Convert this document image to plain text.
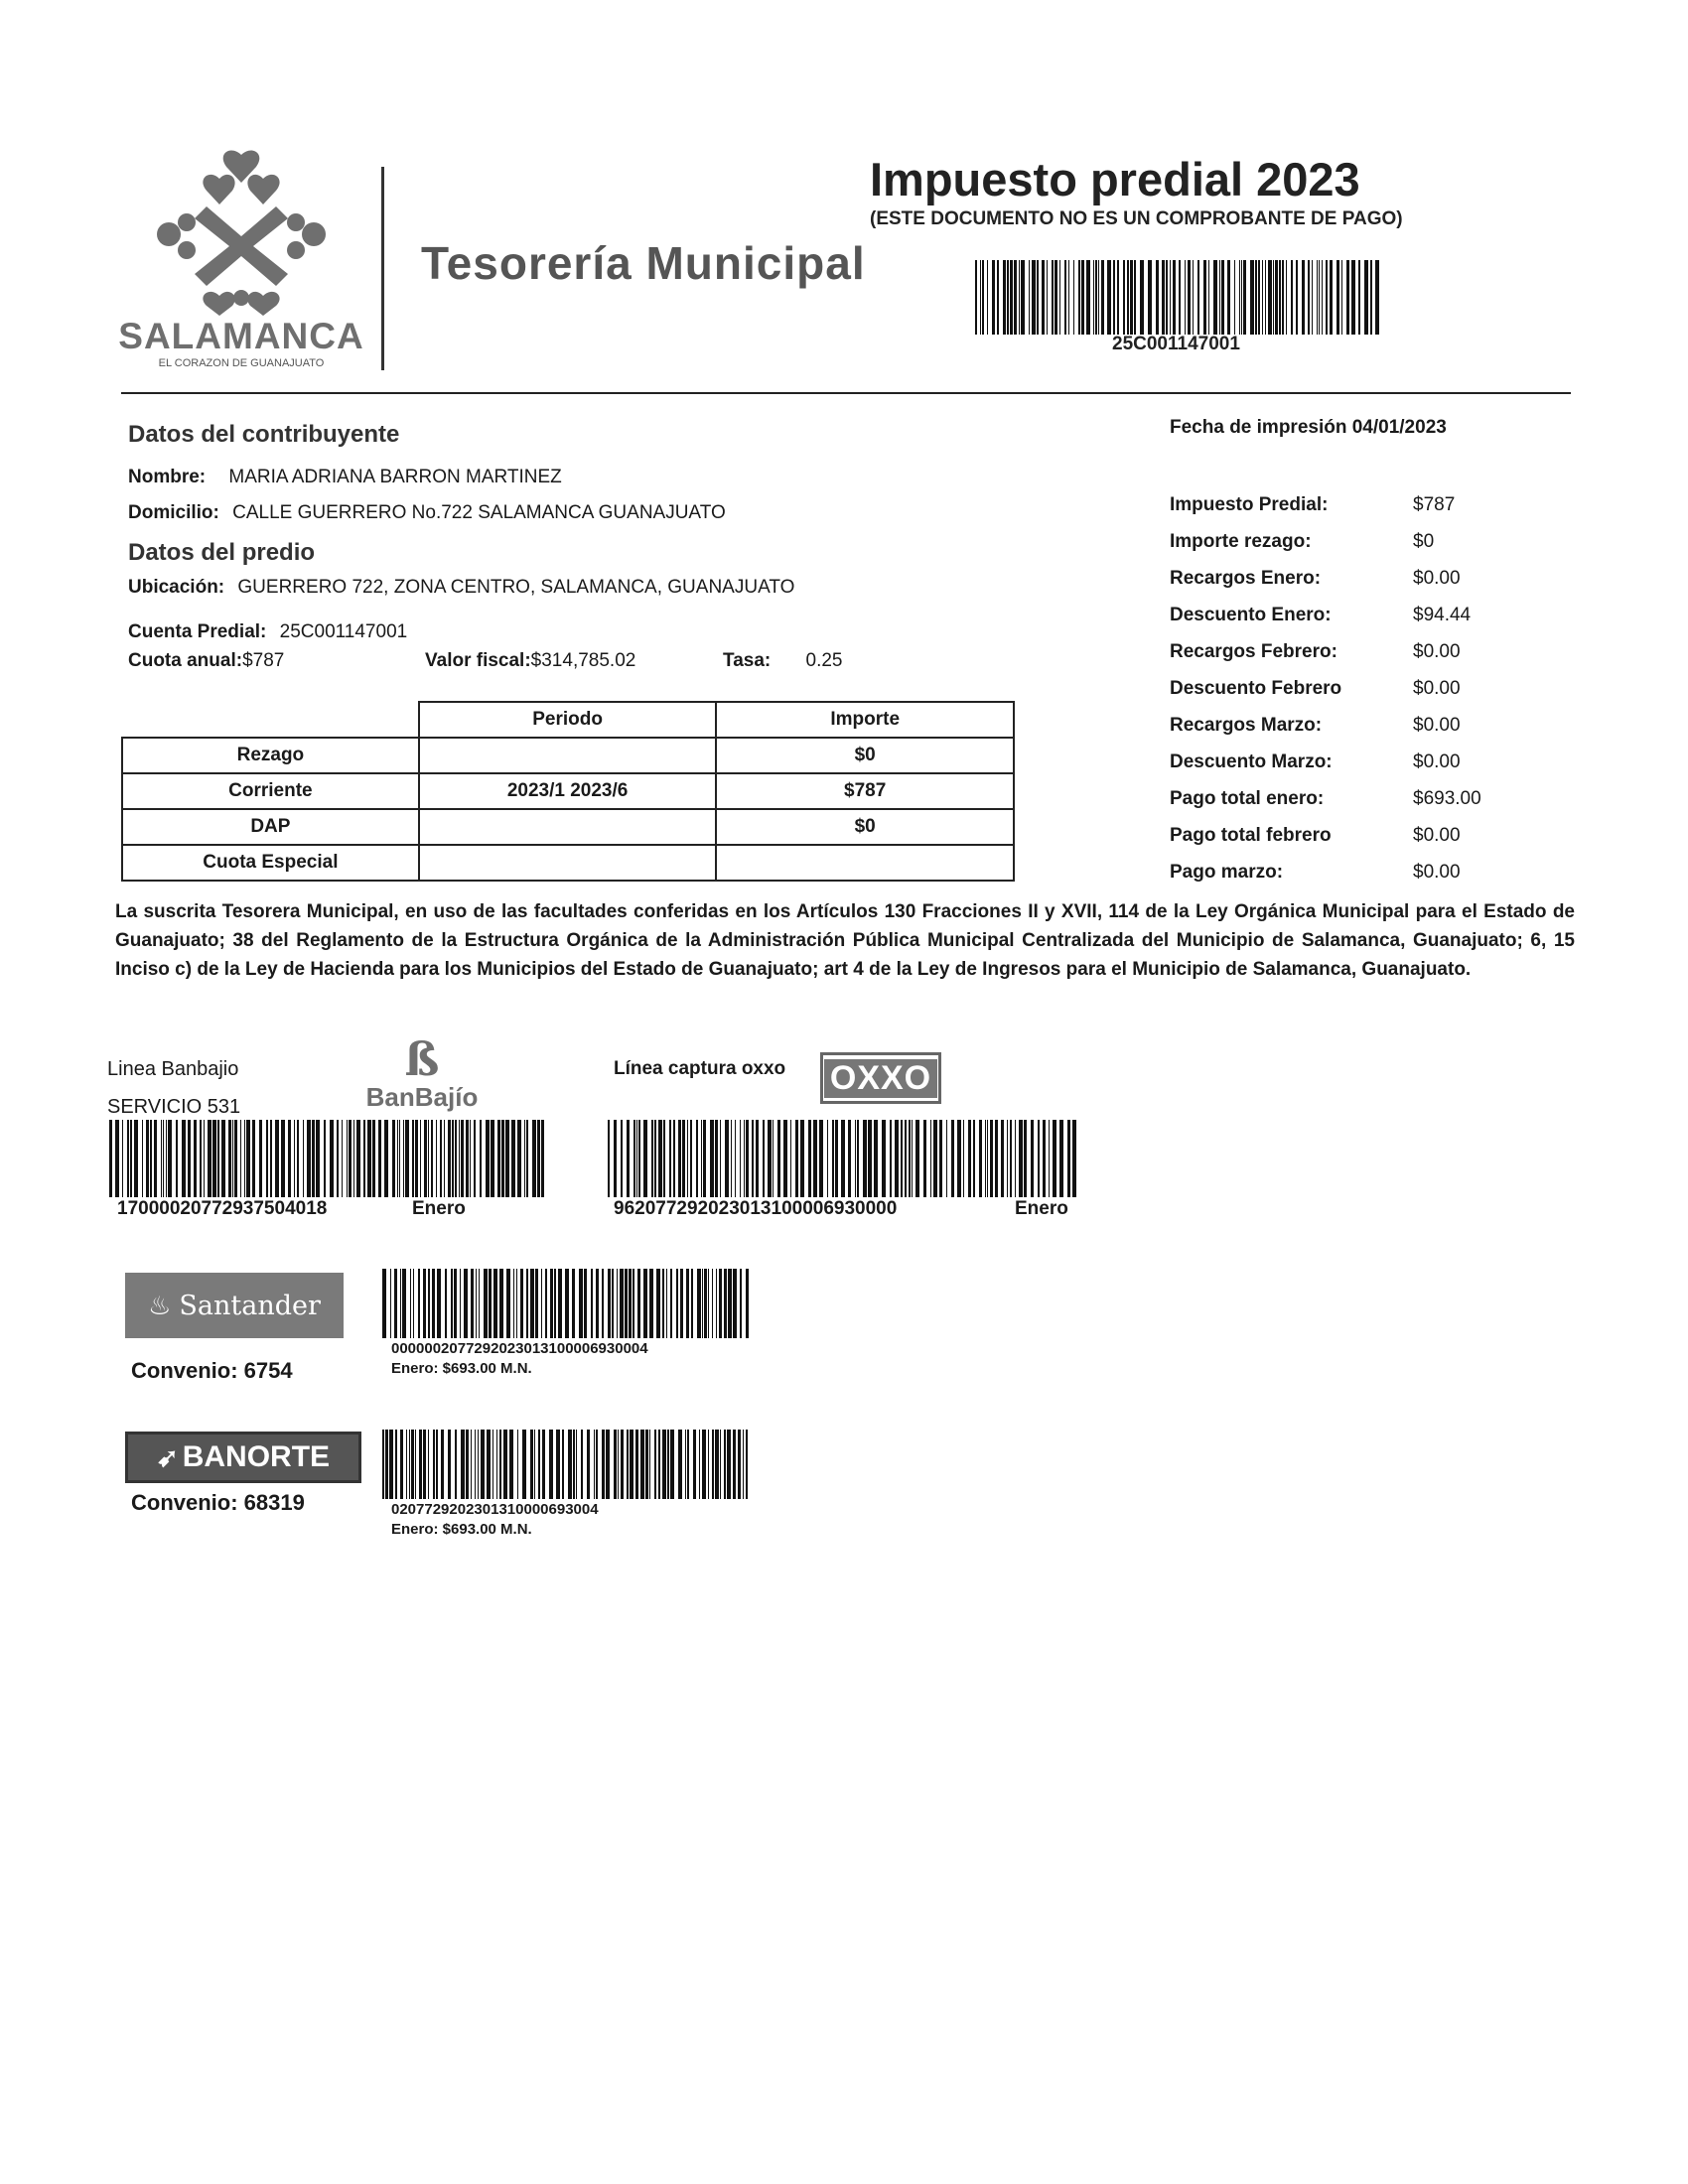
SALAMANCA
EL CORAZON DE GUANAJUATO
Tesorería Municipal
Impuesto predial 2023
(ESTE DOCUMENTO NO ES UN COMPROBANTE DE PAGO)
25C001147001
Datos del contribuyente
Nombre: MARIA ADRIANA BARRON MARTINEZ
Domicilio: CALLE GUERRERO No.722 SALAMANCA GUANAJUATO
Datos del predio
Ubicación: GUERRERO 722, ZONA CENTRO, SALAMANCA, GUANAJUATO
Cuenta Predial: 25C001147001
Cuota anual:$787	Valor fiscal:$314,785.02	Tasa: 0.25
	Periodo	Importe
Rezago		$0
Corriente	2023/1 2023/6	$787
DAP		$0
Cuota Especial		
Fecha de impresión 04/01/2023
Impuesto Predial:	$787
Importe rezago:	$0
Recargos Enero:	$0.00
Descuento Enero:	$94.44
Recargos Febrero:	$0.00
Descuento Febrero	$0.00
Recargos Marzo:	$0.00
Descuento Marzo:	$0.00
Pago total enero:	$693.00
Pago total febrero	$0.00
Pago marzo:	$0.00
La suscrita Tesorera Municipal, en uso de las facultades conferidas en los Artículos 130 Fracciones II y XVII, 114 de la Ley Orgánica Municipal para el Estado de Guanajuato; 38 del Reglamento de la Estructura Orgánica de la Administración Pública Municipal Centralizada del Municipio de Salamanca, Guanajuato; 6, 15 Inciso c) de la Ley de Hacienda para los Municipios del Estado de Guanajuato; art 4 de la Ley de Ingresos para el Municipio de Salamanca, Guanajuato.
Linea Banbajio
SERVICIO 531
ß
BanBajío
17000020772937504018	Enero
Línea captura oxxo OXXO
962077292023013100006930000	Enero
♨ Santander
Convenio: 6754
0000002077292023013100006930004
Enero: $693.00 M.N.
➹ BANORTE
Convenio: 68319	0207729202301310000693004
Enero: $693.00 M.N.
